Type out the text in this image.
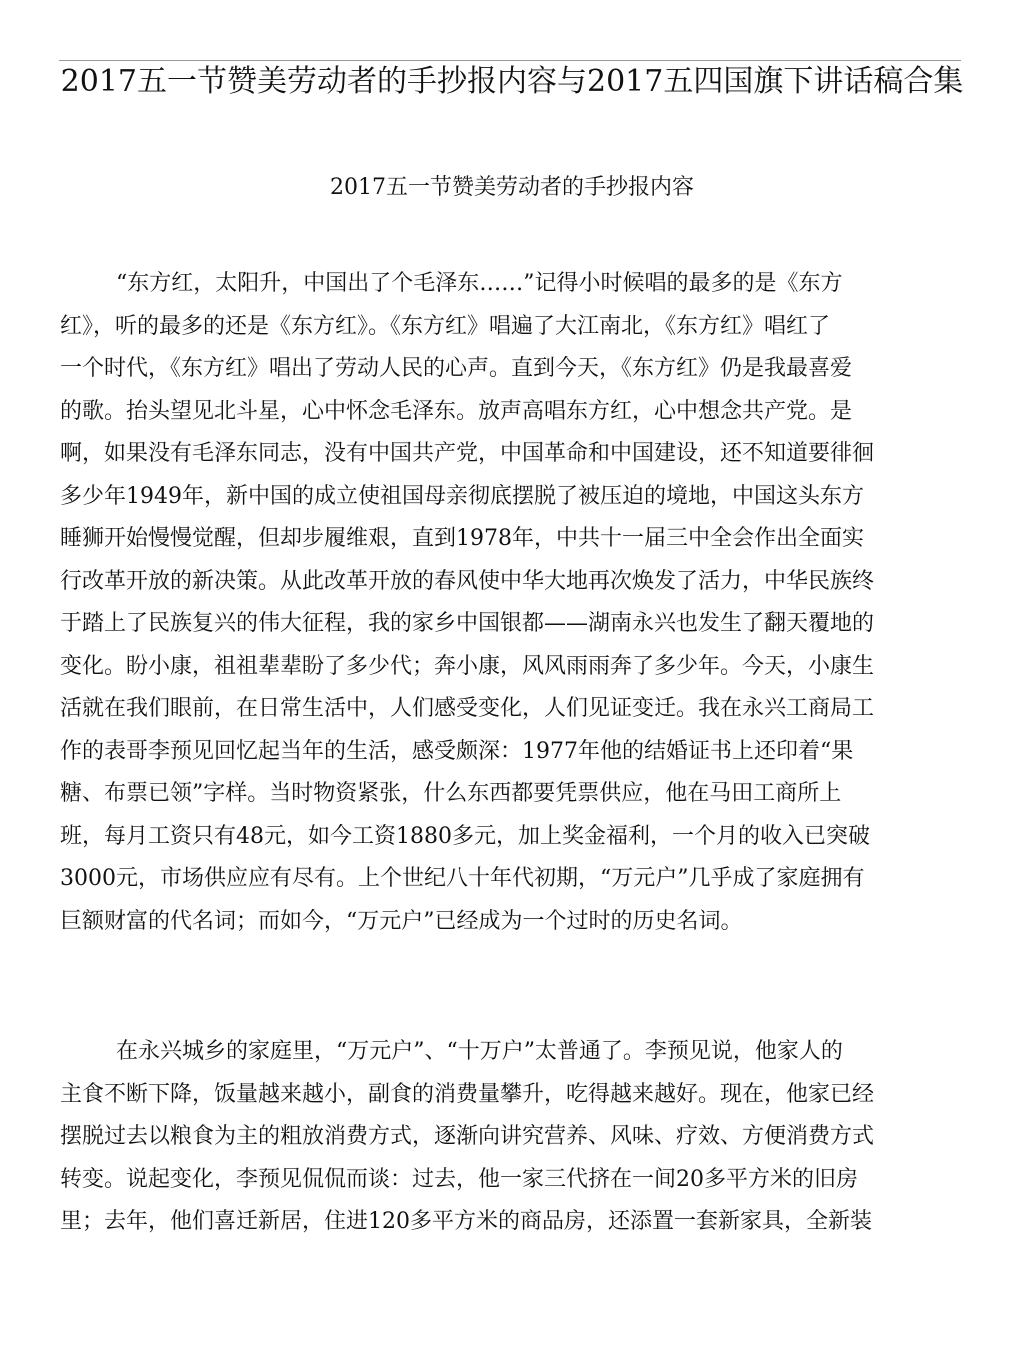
2017五一节赞美劳动者的手抄报内容与2017五四国旗下讲话稿合集
2017五一节赞美劳动者的手抄报内容
“东方红，太阳升，中国出了个毛泽东……”记得小时候唱的最多的是《东方
红》，听的最多的还是《东方红》。《东方红》唱遍了大江南北，《东方红》唱红了
一个时代，《东方红》唱出了劳动人民的心声。直到今天，《东方红》仍是我最喜爱
的歌。抬头望见北斗星，心中怀念毛泽东。放声高唱东方红，心中想念共产党。是
啊，如果没有毛泽东同志，没有中国共产党，中国革命和中国建设，还不知道要徘徊
多少年1949年，新中国的成立使祖国母亲彻底摆脱了被压迫的境地，中国这头东方
睡狮开始慢慢觉醒，但却步履维艰，直到1978年，中共十一届三中全会作出全面实
行改革开放的新决策。从此改革开放的春风使中华大地再次焕发了活力，中华民族终
于踏上了民族复兴的伟大征程，我的家乡中国银都——湖南永兴也发生了翻天覆地的
变化。盼小康，祖祖辈辈盼了多少代；奔小康，风风雨雨奔了多少年。今天，小康生
活就在我们眼前，在日常生活中，人们感受变化，人们见证变迁。我在永兴工商局工
作的表哥李预见回忆起当年的生活，感受颇深：1977年他的结婚证书上还印着“果
糖、布票已领”字样。当时物资紧张，什么东西都要凭票供应，他在马田工商所上
班，每月工资只有48元，如今工资1880多元，加上奖金福利，一个月的收入已突破
3000元，市场供应应有尽有。上个世纪八十年代初期，“万元户”几乎成了家庭拥有
巨额财富的代名词；而如今，“万元户”已经成为一个过时的历史名词。
在永兴城乡的家庭里，“万元户”、“十万户”太普通了。李预见说，他家人的
主食不断下降，饭量越来越小，副食的消费量攀升，吃得越来越好。现在，他家已经
摆脱过去以粮食为主的粗放消费方式，逐渐向讲究营养、风味、疗效、方便消费方式
转变。说起变化，李预见侃侃而谈：过去，他一家三代挤在一间20多平方米的旧房
里；去年，他们喜迁新居，住进120多平方米的商品房，还添置一套新家具，全新装
